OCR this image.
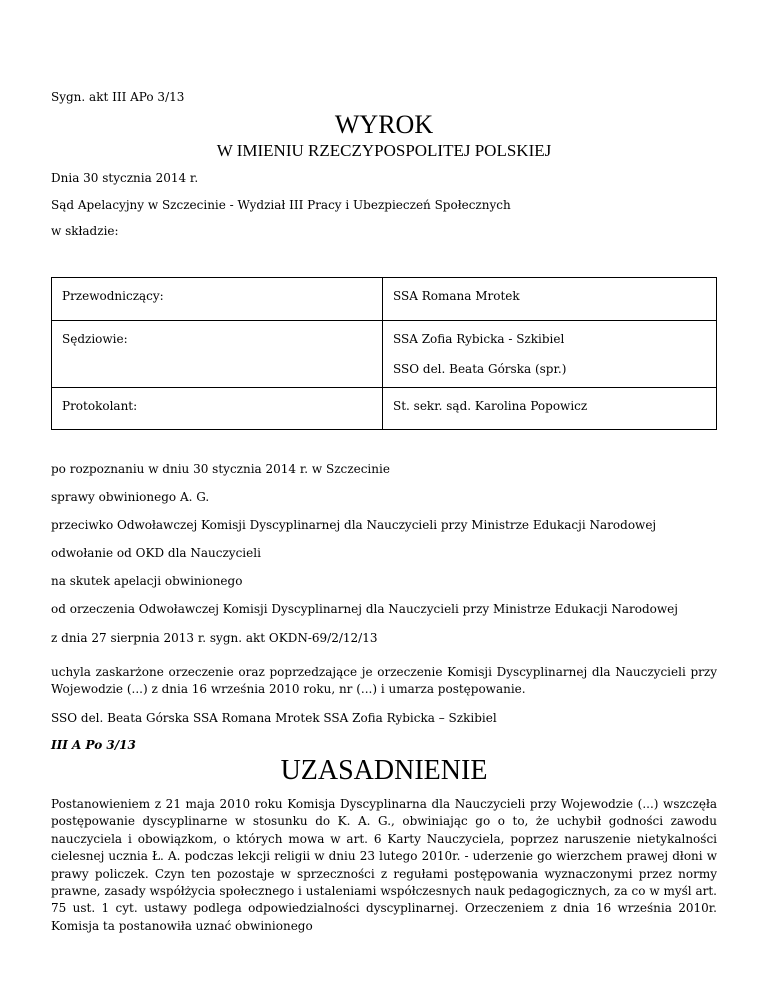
Sygn. akt III APo 3/13
WYROK
W IMIENIU RZECZYPOSPOLITEJ POLSKIEJ
Dnia 30 stycznia 2014 r.
Sąd Apelacyjny w Szczecinie - Wydział III Pracy i Ubezpieczeń Społecznych
w składzie:
Przewodniczący:	SSA Romana Mrotek

Sędziowie:	SSA Zofia Rybicka - Szkibiel
SSO del. Beata Górska (spr.)

Protokolant:	St. sekr. sąd. Karolina Popowicz
po rozpoznaniu w dniu 30 stycznia 2014 r. w Szczecinie
sprawy obwinionego A. G.
przeciwko Odwoławczej Komisji Dyscyplinarnej dla Nauczycieli przy Ministrze Edukacji Narodowej
odwołanie od OKD dla Nauczycieli
na skutek apelacji obwinionego
od orzeczenia Odwoławczej Komisji Dyscyplinarnej dla Nauczycieli przy Ministrze Edukacji Narodowej
z dnia 27 sierpnia 2013 r. sygn. akt OKDN-69/2/12/13
uchyla zaskarżone orzeczenie oraz poprzedzające je orzeczenie Komisji Dyscyplinarnej dla Nauczycieli przy Wojewodzie (...) z dnia 16 września 2010 roku, nr (...) i umarza postępowanie.
SSO del. Beata Górska SSA Romana Mrotek SSA Zofia Rybicka – Szkibiel
III A Po 3/13
UZASADNIENIE
Postanowieniem z 21 maja 2010 roku Komisja Dyscyplinarna dla Nauczycieli przy Wojewodzie (...) wszczęła postępowanie dyscyplinarne w stosunku do K. A. G., obwiniając go o to, że uchybił godności zawodu nauczyciela i obowiązkom, o których mowa w art. 6 Karty Nauczyciela, poprzez naruszenie nietykalności cielesnej ucznia Ł. A. podczas lekcji religii w dniu 23 lutego 2010r. - uderzenie go wierzchem prawej dłoni w prawy policzek. Czyn ten pozostaje w sprzeczności z regułami postępowania wyznaczonymi przez normy prawne, zasady współżycia społecznego i ustaleniami współczesnych nauk pedagogicznych, za co w myśl art. 75 ust. 1 cyt. ustawy podlega odpowiedzialności dyscyplinarnej. Orzeczeniem z dnia 16 września 2010r. Komisja ta postanowiła uznać obwinionego
